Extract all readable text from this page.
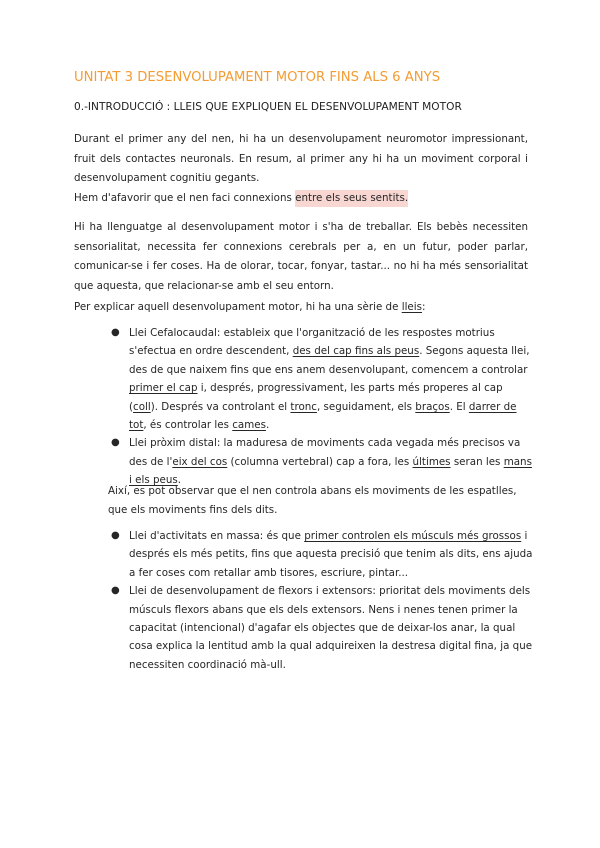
UNITAT 3 DESENVOLUPAMENT MOTOR FINS ALS 6 ANYS
0.-INTRODUCCIÓ : LLEIS QUE EXPLIQUEN EL DESENVOLUPAMENT MOTOR

Durant el primer any del nen, hi ha un desenvolupament neuromotor impressionant, fruit dels contactes neuronals. En resum, al primer any hi ha un moviment corporal i desenvolupament cognitiu gegants.

Hem d'afavorir que el nen faci connexions entre els seus sentits.

Hi ha llenguatge al desenvolupament motor i s'ha de treballar. Els bebès necessiten sensorialitat, necessita fer connexions cerebrals per a, en un futur, poder parlar, comunicar-se i fer coses. Ha de olorar, tocar, fonyar, tastar... no hi ha més sensorialitat que aquesta, que relacionar-se amb el seu entorn.

Per explicar aquell desenvolupament motor, hi ha una sèrie de lleis:

● Llei Cefalocaudal: estableix que l'organització de les respostes motrius s'efectua en ordre descendent, des del cap fins als peus. Segons aquesta llei, des de que naixem fins que ens anem desenvolupant, comencem a controlar primer el cap i, després, progressivament, les parts més properes al cap (coll). Després va controlant el tronc, seguidament, els braços. El darrer de tot, és controlar les cames.
● Llei pròxim distal: la maduresa de moviments cada vegada més precisos va des de l'eix del cos (columna vertebral) cap a fora, les últimes seran les mans i els peus.

Així, es pot observar que el nen controla abans els moviments de les espatlles, que els moviments fins dels dits.

● Llei d'activitats en massa: és que primer controlen els músculs més grossos i després els més petits, fins que aquesta precisió que tenim als dits, ens ajuda a fer coses com retallar amb tisores, escriure, pintar...
● Llei de desenvolupament de flexors i extensors: prioritat dels moviments dels músculs flexors abans que els dels extensors. Nens i nenes tenen primer la capacitat (intencional) d'agafar els objectes que de deixar-los anar, la qual cosa explica la lentitud amb la qual adquireixen la destresa digital fina, ja que necessiten coordinació mà-ull.
